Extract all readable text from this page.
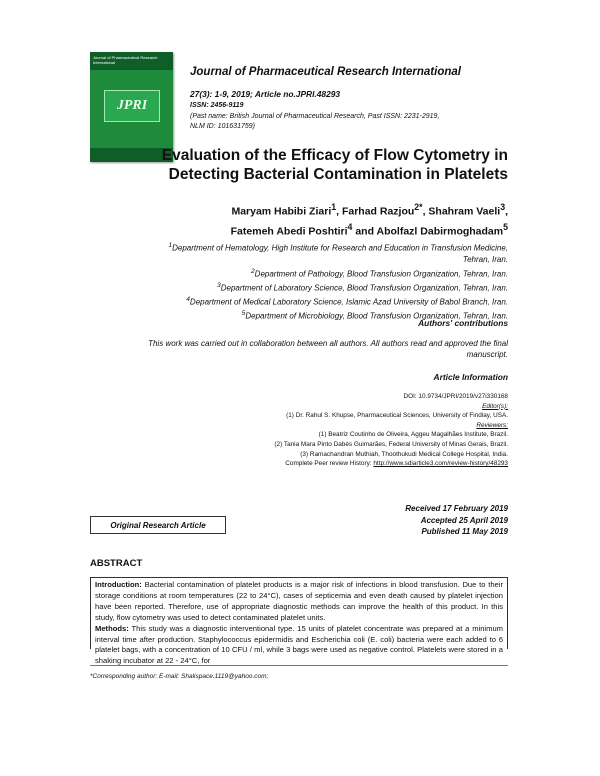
Journal of Pharmaceutical Research International
JPRI
Journal of Pharmaceutical Research International
27(3): 1-9, 2019; Article no.JPRI.48293
ISSN: 2456-9119
(Past name: British Journal of Pharmaceutical Research, Past ISSN: 2231-2919,
NLM ID: 101631759)
Evaluation of the Efficacy of Flow Cytometry in
Detecting Bacterial Contamination in Platelets
Maryam Habibi Ziari$^1$, Farhad Razjou$^{2*}$, Shahram Vaeli$^3$,
Fatemeh Abedi Poshtiri$^4$ and Abolfazl Dabirmoghadam$^5$
$^1$Department of Hematology, High Institute for Research and Education in Transfusion Medicine,
Tehran, Iran.
$^2$Department of Pathology, Blood Transfusion Organization, Tehran, Iran.
$^3$Department of Laboratory Science, Blood Transfusion Organization, Tehran, Iran.
$^4$Department of Medical Laboratory Science, Islamic Azad University of Babol Branch, Iran.
$^5$Department of Microbiology, Blood Transfusion Organization, Tehran, Iran.
Authors' contributions
This work was carried out in collaboration between all authors. All authors read and approved the final
manuscript.
Article Information
DOI: 10.9734/JPRI/2019/v27i330168
Editor(s):
(1) Dr. Rahul S. Khupse, Pharmaceutical Sciences, University of Findlay, USA.
Reviewers:
(1) Beatriz Coutinho de Oliveira, Aggeu Magalhães Institute, Brazil.
(2) Tania Mara Pinto Dabés Guimarães, Federal University of Minas Gerais, Brazil.
(3) Ramachandran Muthiah, Thoothukudi Medical College Hospital, India.
Complete Peer review History: http://www.sdiarticle3.com/review-history/48293
Original Research Article
Received 17 February 2019
Accepted 25 April 2019
Published 11 May 2019
ABSTRACT

Introduction: Bacterial contamination of platelet products is a major risk of infections in blood transfusion. Due to their storage conditions at room temperatures (22 to 24°C), cases of septicemia and even death caused by platelet injection have been reported. Therefore, use of appropriate diagnostic methods can improve the health of this product. In this study, flow cytometry was used to detect contaminated platelet units.

Methods: This study was a diagnostic interventional type. 15 units of platelet concentrate was prepared at a minimum interval time after production. Staphylococcus epidermidis and Escherichia coli (E. coli) bacteria were each added to 6 platelet bags, with a concentration of 10 CFU / ml, while 3 bags were used as negative control. Platelets were stored in a shaking incubator at 22 - 24°C, for

*Corresponding author: E-mail: Shalispace.1119@yahoo.com;
